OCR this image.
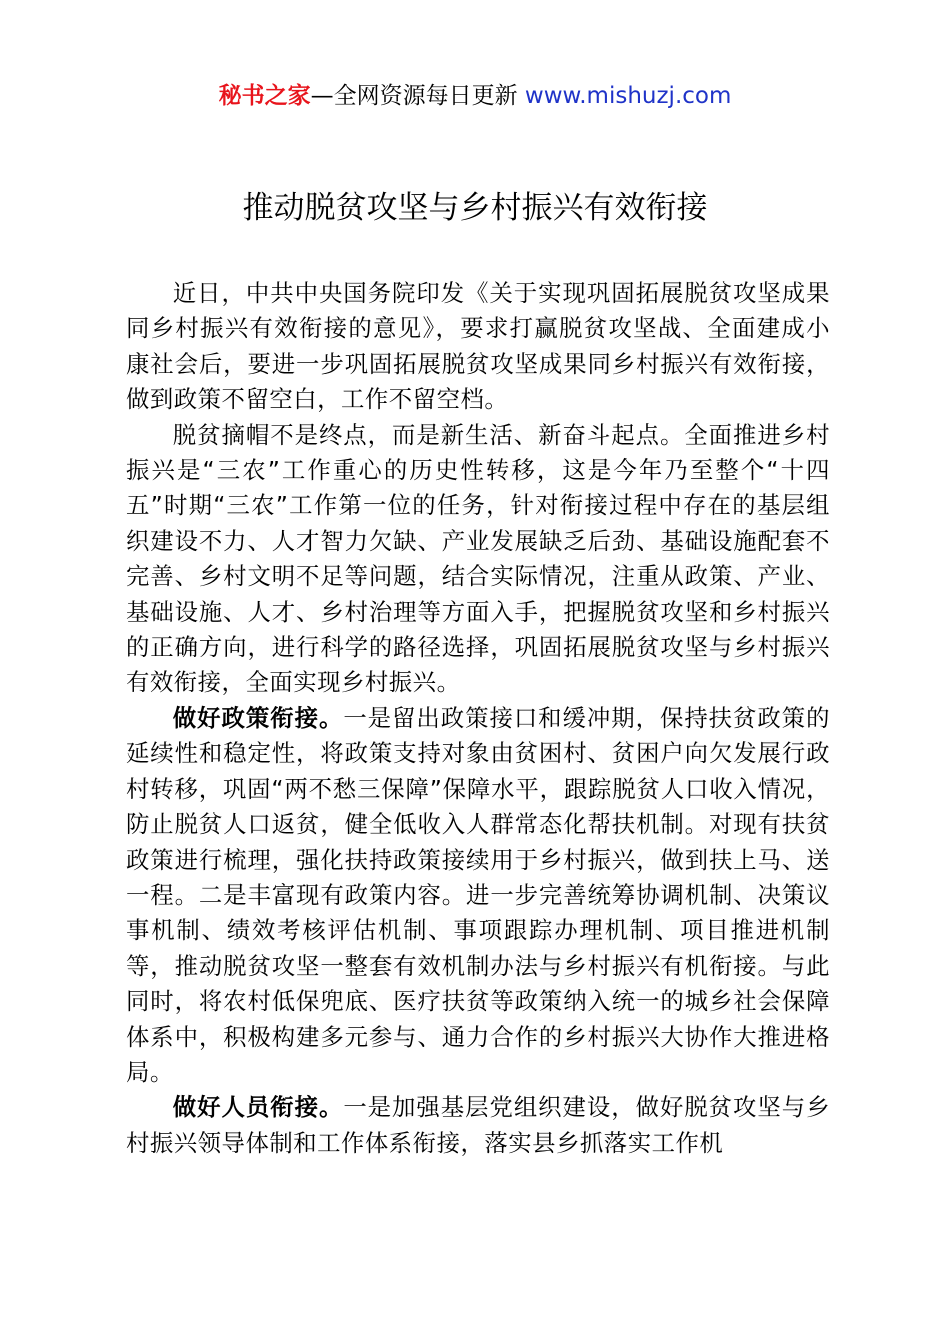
秘书之家—全网资源每日更新 www.mishuzj.com
推动脱贫攻坚与乡村振兴有效衔接

近日，中共中央国务院印发《关于实现巩固拓展脱贫攻坚成果同乡村振兴有效衔接的意见》，要求打赢脱贫攻坚战、全面建成小康社会后，要进一步巩固拓展脱贫攻坚成果同乡村振兴有效衔接，做到政策不留空白，工作不留空档。

脱贫摘帽不是终点，而是新生活、新奋斗起点。全面推进乡村振兴是“三农”工作重心的历史性转移，这是今年乃至整个“十四五”时期“三农”工作第一位的任务，针对衔接过程中存在的基层组织建设不力、人才智力欠缺、产业发展缺乏后劲、基础设施配套不完善、乡村文明不足等问题，结合实际情况，注重从政策、产业、基础设施、人才、乡村治理等方面入手，把握脱贫攻坚和乡村振兴的正确方向，进行科学的路径选择，巩固拓展脱贫攻坚与乡村振兴有效衔接，全面实现乡村振兴。

做好政策衔接。一是留出政策接口和缓冲期，保持扶贫政策的延续性和稳定性，将政策支持对象由贫困村、贫困户向欠发展行政村转移，巩固“两不愁三保障”保障水平，跟踪脱贫人口收入情况，防止脱贫人口返贫，健全低收入人群常态化帮扶机制。对现有扶贫政策进行梳理，强化扶持政策接续用于乡村振兴，做到扶上马、送一程。二是丰富现有政策内容。进一步完善统筹协调机制、决策议事机制、绩效考核评估机制、事项跟踪办理机制、项目推进机制等，推动脱贫攻坚一整套有效机制办法与乡村振兴有机衔接。与此同时，将农村低保兜底、医疗扶贫等政策纳入统一的城乡社会保障体系中，积极构建多元参与、通力合作的乡村振兴大协作大推进格局。

做好人员衔接。一是加强基层党组织建设，做好脱贫攻坚与乡村振兴领导体制和工作体系衔接，落实县乡抓落实工作机
